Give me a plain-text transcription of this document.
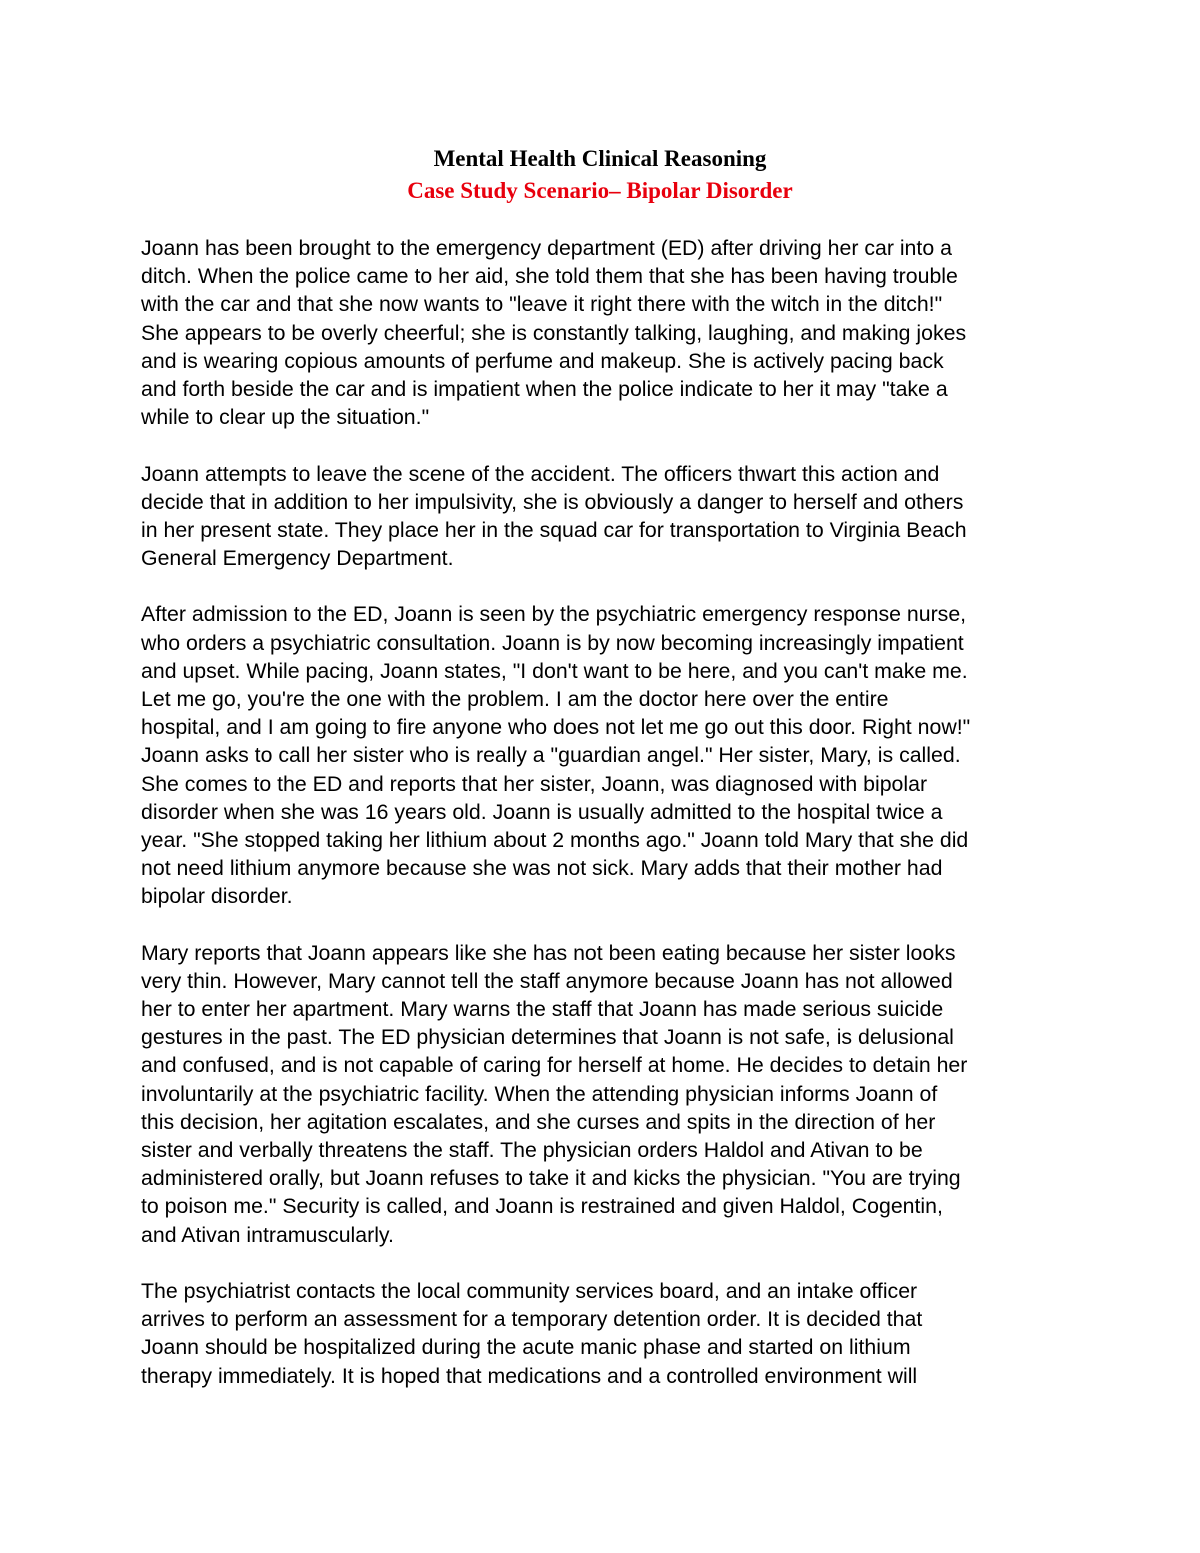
Mental Health Clinical Reasoning
Case Study Scenario– Bipolar Disorder
Joann has been brought to the emergency department (ED) after driving her car into a
ditch. When the police came to her aid, she told them that she has been having trouble
with the car and that she now wants to "leave it right there with the witch in the ditch!"
She appears to be overly cheerful; she is constantly talking, laughing, and making jokes
and is wearing copious amounts of perfume and makeup. She is actively pacing back
and forth beside the car and is impatient when the police indicate to her it may "take a
while to clear up the situation."
Joann attempts to leave the scene of the accident. The officers thwart this action and
decide that in addition to her impulsivity, she is obviously a danger to herself and others
in her present state. They place her in the squad car for transportation to Virginia Beach
General Emergency Department.
After admission to the ED, Joann is seen by the psychiatric emergency response nurse,
who orders a psychiatric consultation. Joann is by now becoming increasingly impatient
and upset. While pacing, Joann states, "I don't want to be here, and you can't make me.
Let me go, you're the one with the problem. I am the doctor here over the entire
hospital, and I am going to fire anyone who does not let me go out this door. Right now!"
Joann asks to call her sister who is really a "guardian angel." Her sister, Mary, is called.
She comes to the ED and reports that her sister, Joann, was diagnosed with bipolar
disorder when she was 16 years old. Joann is usually admitted to the hospital twice a
year. "She stopped taking her lithium about 2 months ago." Joann told Mary that she did
not need lithium anymore because she was not sick. Mary adds that their mother had
bipolar disorder.
Mary reports that Joann appears like she has not been eating because her sister looks
very thin. However, Mary cannot tell the staff anymore because Joann has not allowed
her to enter her apartment. Mary warns the staff that Joann has made serious suicide
gestures in the past. The ED physician determines that Joann is not safe, is delusional
and confused, and is not capable of caring for herself at home. He decides to detain her
involuntarily at the psychiatric facility. When the attending physician informs Joann of
this decision, her agitation escalates, and she curses and spits in the direction of her
sister and verbally threatens the staff. The physician orders Haldol and Ativan to be
administered orally, but Joann refuses to take it and kicks the physician. "You are trying
to poison me." Security is called, and Joann is restrained and given Haldol, Cogentin,
and Ativan intramuscularly.
The psychiatrist contacts the local community services board, and an intake officer
arrives to perform an assessment for a temporary detention order. It is decided that
Joann should be hospitalized during the acute manic phase and started on lithium
therapy immediately. It is hoped that medications and a controlled environment will
